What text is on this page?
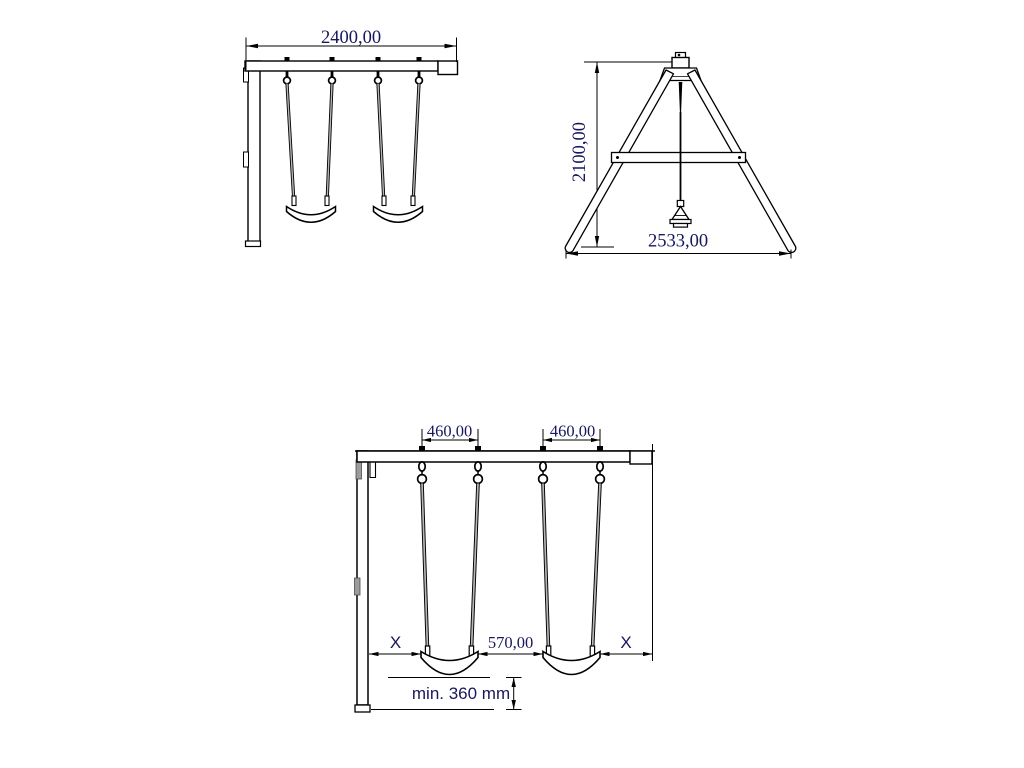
2400,00
2100,00
2533,00
460,00	460,00
X	570,00	X
min. 360 mm
